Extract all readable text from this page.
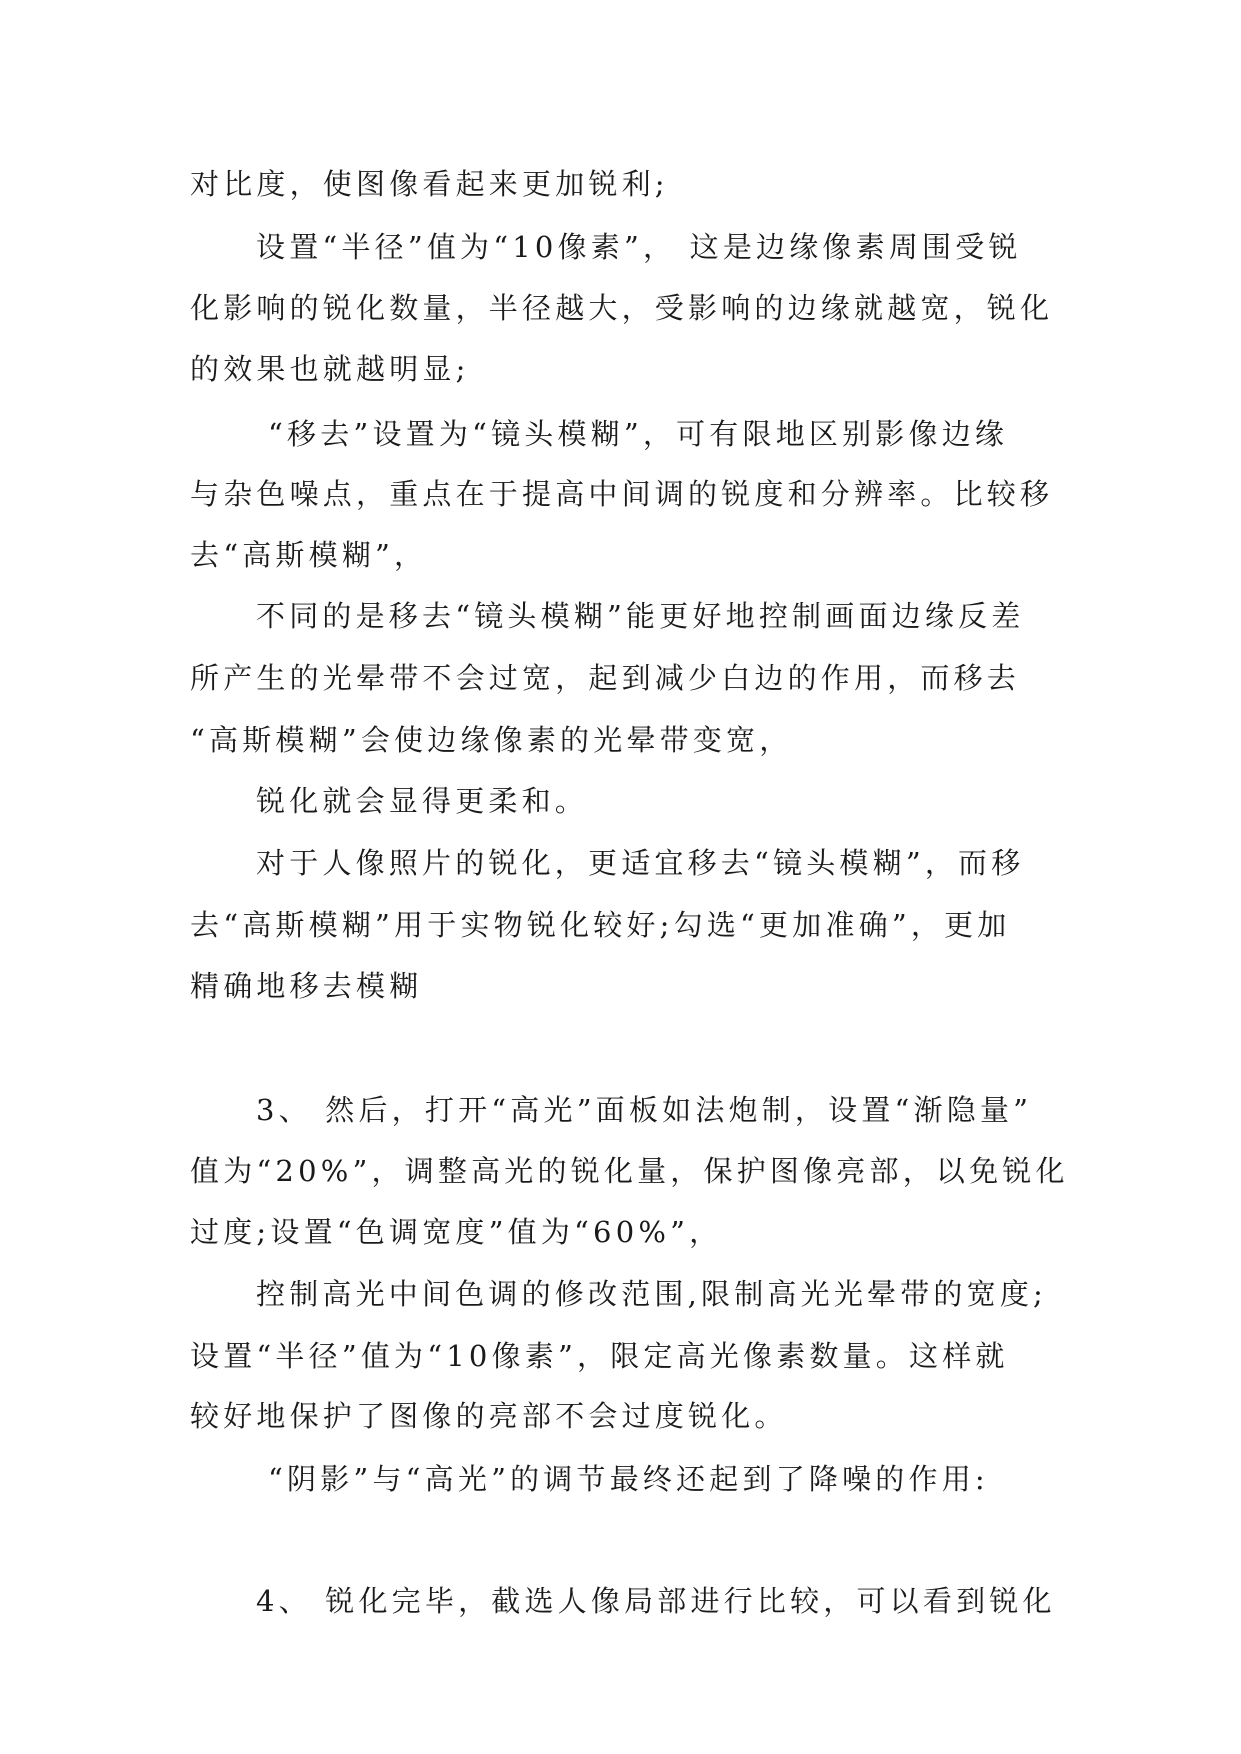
对比度，使图像看起来更加锐利;
设置“半径”值为“10像素”， 这是边缘像素周围受锐
化影响的锐化数量，半径越大，受影响的边缘就越宽，锐化
的效果也就越明显;
“移去”设置为“镜头模糊”，可有限地区别影像边缘
与杂色噪点，重点在于提高中间调的锐度和分辨率。比较移
去“高斯模糊”，
不同的是移去“镜头模糊”能更好地控制画面边缘反差
所产生的光晕带不会过宽，起到减少白边的作用，而移去
“高斯模糊”会使边缘像素的光晕带变宽，
锐化就会显得更柔和。
对于人像照片的锐化，更适宜移去“镜头模糊”，而移
去“高斯模糊”用于实物锐化较好;勾选“更加准确”，更加
精确地移去模糊
3、 然后，打开“高光”面板如法炮制，设置“渐隐量”
值为“20%”，调整高光的锐化量，保护图像亮部，以免锐化
过度;设置“色调宽度”值为“60%”，
控制高光中间色调的修改范围,限制高光光晕带的宽度;
设置“半径”值为“10像素”，限定高光像素数量。这样就
较好地保护了图像的亮部不会过度锐化。
“阴影”与“高光”的调节最终还起到了降噪的作用:
4、 锐化完毕，截选人像局部进行比较，可以看到锐化
